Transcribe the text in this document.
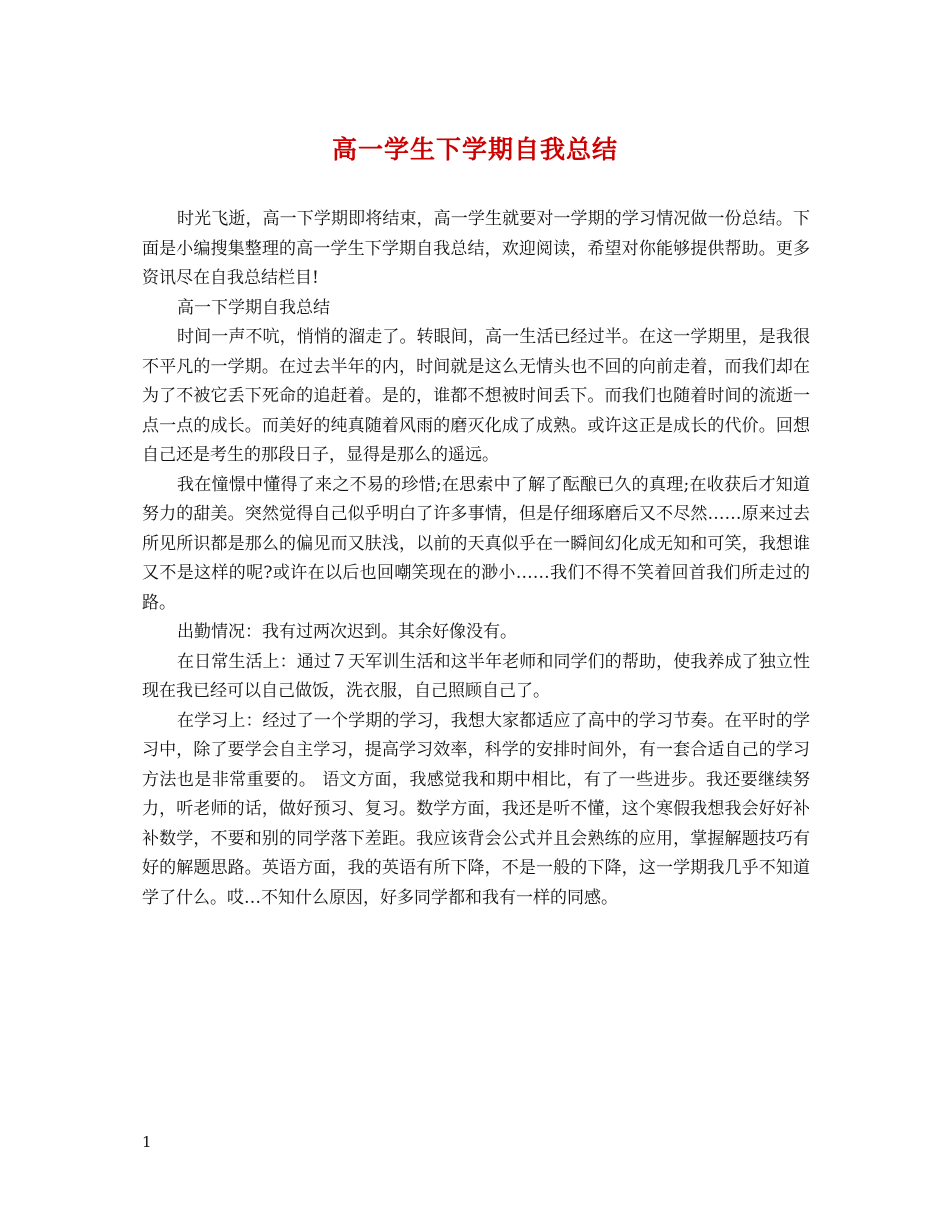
高一学生下学期自我总结

时光飞逝，高一下学期即将结束，高一学生就要对一学期的学习情况做一份总结。下面是小编搜集整理的高一学生下学期自我总结，欢迎阅读，希望对你能够提供帮助。更多资讯尽在自我总结栏目!

高一下学期自我总结

时间一声不吭，悄悄的溜走了。转眼间，高一生活已经过半。在这一学期里，是我很不平凡的一学期。在过去半年的内，时间就是这么无情头也不回的向前走着，而我们却在为了不被它丢下死命的追赶着。是的，谁都不想被时间丢下。而我们也随着时间的流逝一点一点的成长。而美好的纯真随着风雨的磨灭化成了成熟。或许这正是成长的代价。回想自己还是考生的那段日子，显得是那么的遥远。

我在憧憬中懂得了来之不易的珍惜;在思索中了解了酝酿已久的真理;在收获后才知道努力的甜美。突然觉得自己似乎明白了许多事情，但是仔细琢磨后又不尽然……原来过去所见所识都是那么的偏见而又肤浅，以前的天真似乎在一瞬间幻化成无知和可笑，我想谁又不是这样的呢?或许在以后也回嘲笑现在的渺小……我们不得不笑着回首我们所走过的路。

出勤情况：我有过两次迟到。其余好像没有。

在日常生活上：通过７天军训生活和这半年老师和同学们的帮助，使我养成了独立性现在我已经可以自己做饭，洗衣服，自己照顾自己了。

在学习上：经过了一个学期的学习，我想大家都适应了高中的学习节奏。在平时的学习中，除了要学会自主学习，提高学习效率，科学的安排时间外，有一套合适自己的学习方法也是非常重要的。 语文方面，我感觉我和期中相比，有了一些进步。我还要继续努力，听老师的话，做好预习、复习。数学方面，我还是听不懂，这个寒假我想我会好好补补数学，不要和别的同学落下差距。我应该背会公式并且会熟练的应用，掌握解题技巧有好的解题思路。英语方面，我的英语有所下降，不是一般的下降，这一学期我几乎不知道学了什么。哎…不知什么原因，好多同学都和我有一样的同感。

1
